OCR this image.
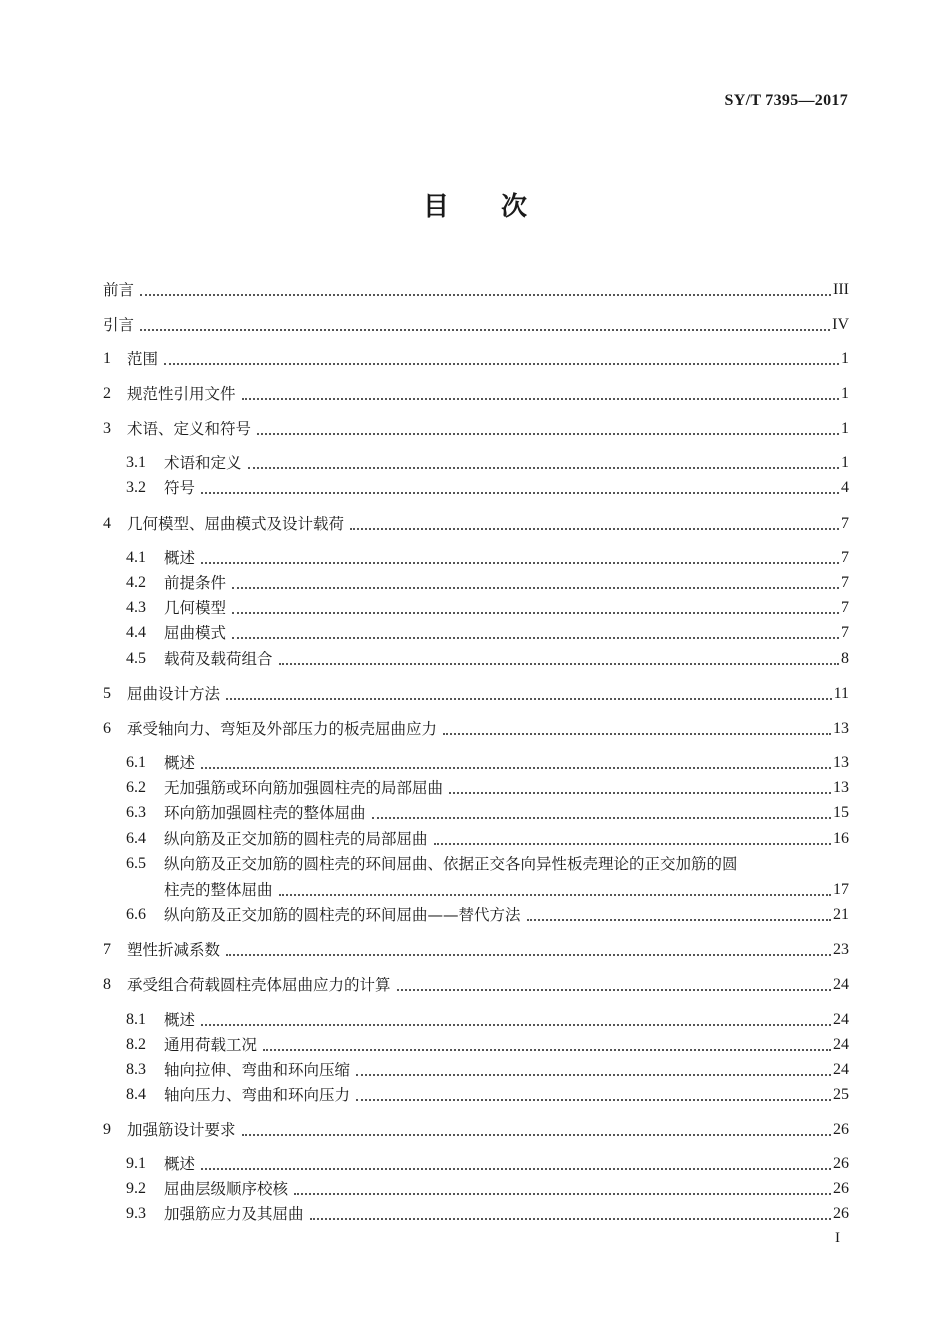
SY/T 7395—2017
目次
前言	III
引言	IV
1	范围	1
2	规范性引用文件	1
3	术语、定义和符号	1
3.1	术语和定义	1
3.2	符号	4
4	几何模型、屈曲模式及设计载荷	7
4.1	概述	7
4.2	前提条件	7
4.3	几何模型	7
4.4	屈曲模式	7
4.5	载荷及载荷组合	8
5	屈曲设计方法	11
6	承受轴向力、弯矩及外部压力的板壳屈曲应力	13
6.1	概述	13
6.2	无加强筋或环向筋加强圆柱壳的局部屈曲	13
6.3	环向筋加强圆柱壳的整体屈曲	15
6.4	纵向筋及正交加筋的圆柱壳的局部屈曲	16
6.5	纵向筋及正交加筋的圆柱壳的环间屈曲、依据正交各向异性板壳理论的正交加筋的圆
柱壳的整体屈曲	17
6.6	纵向筋及正交加筋的圆柱壳的环间屈曲——替代方法	21
7	塑性折减系数	23
8	承受组合荷载圆柱壳体屈曲应力的计算	24
8.1	概述	24
8.2	通用荷载工况	24
8.3	轴向拉伸、弯曲和环向压缩	24
8.4	轴向压力、弯曲和环向压力	25
9	加强筋设计要求	26
9.1	概述	26
9.2	屈曲层级顺序校核	26
9.3	加强筋应力及其屈曲	26
I
